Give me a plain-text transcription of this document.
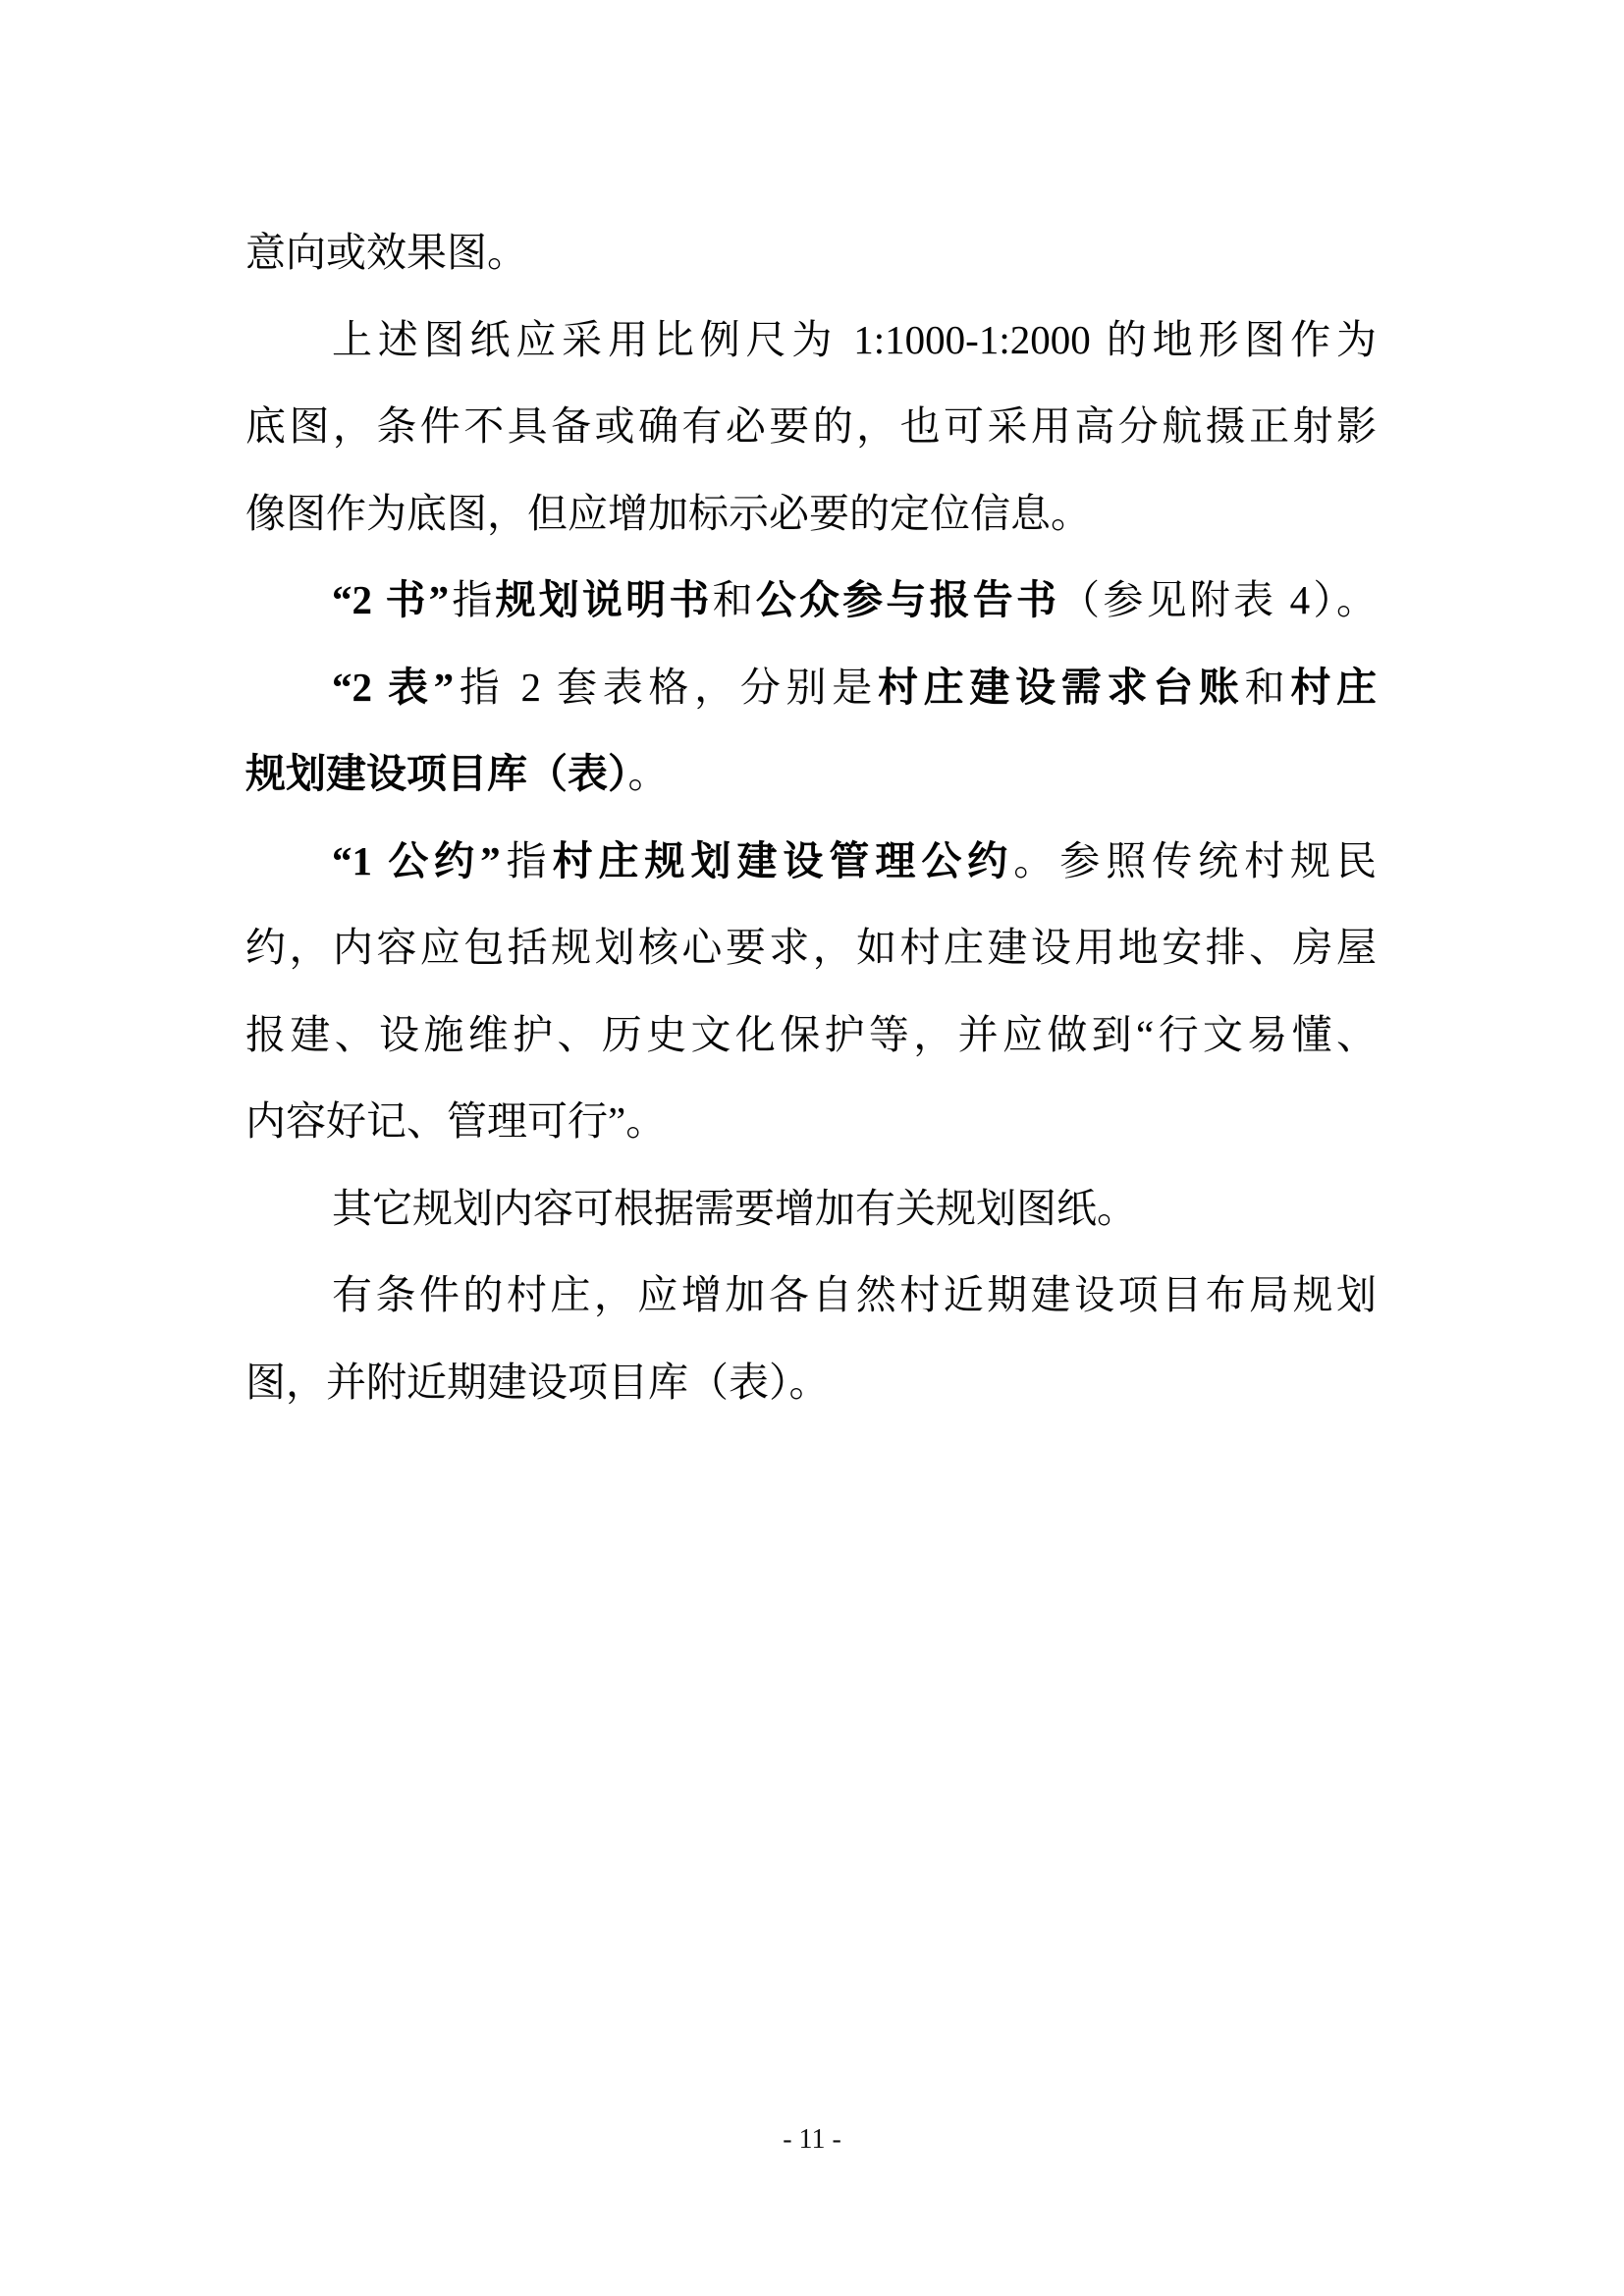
意向或效果图。
上述图纸应采用比例尺为 1:1000-1:2000 的地形图作为
底图，条件不具备或确有必要的，也可采用高分航摄正射影
像图作为底图，但应增加标示必要的定位信息。
“2 书”指规划说明书和公众参与报告书（参见附表 4）。
“2 表”指 2 套表格，分别是村庄建设需求台账和村庄
规划建设项目库（表）。
“1 公约”指村庄规划建设管理公约。参照传统村规民
约，内容应包括规划核心要求，如村庄建设用地安排、房屋
报建、设施维护、历史文化保护等，并应做到“行文易懂、
内容好记、管理可行”。
其它规划内容可根据需要增加有关规划图纸。
有条件的村庄，应增加各自然村近期建设项目布局规划
图，并附近期建设项目库（表）。
- 11 -
